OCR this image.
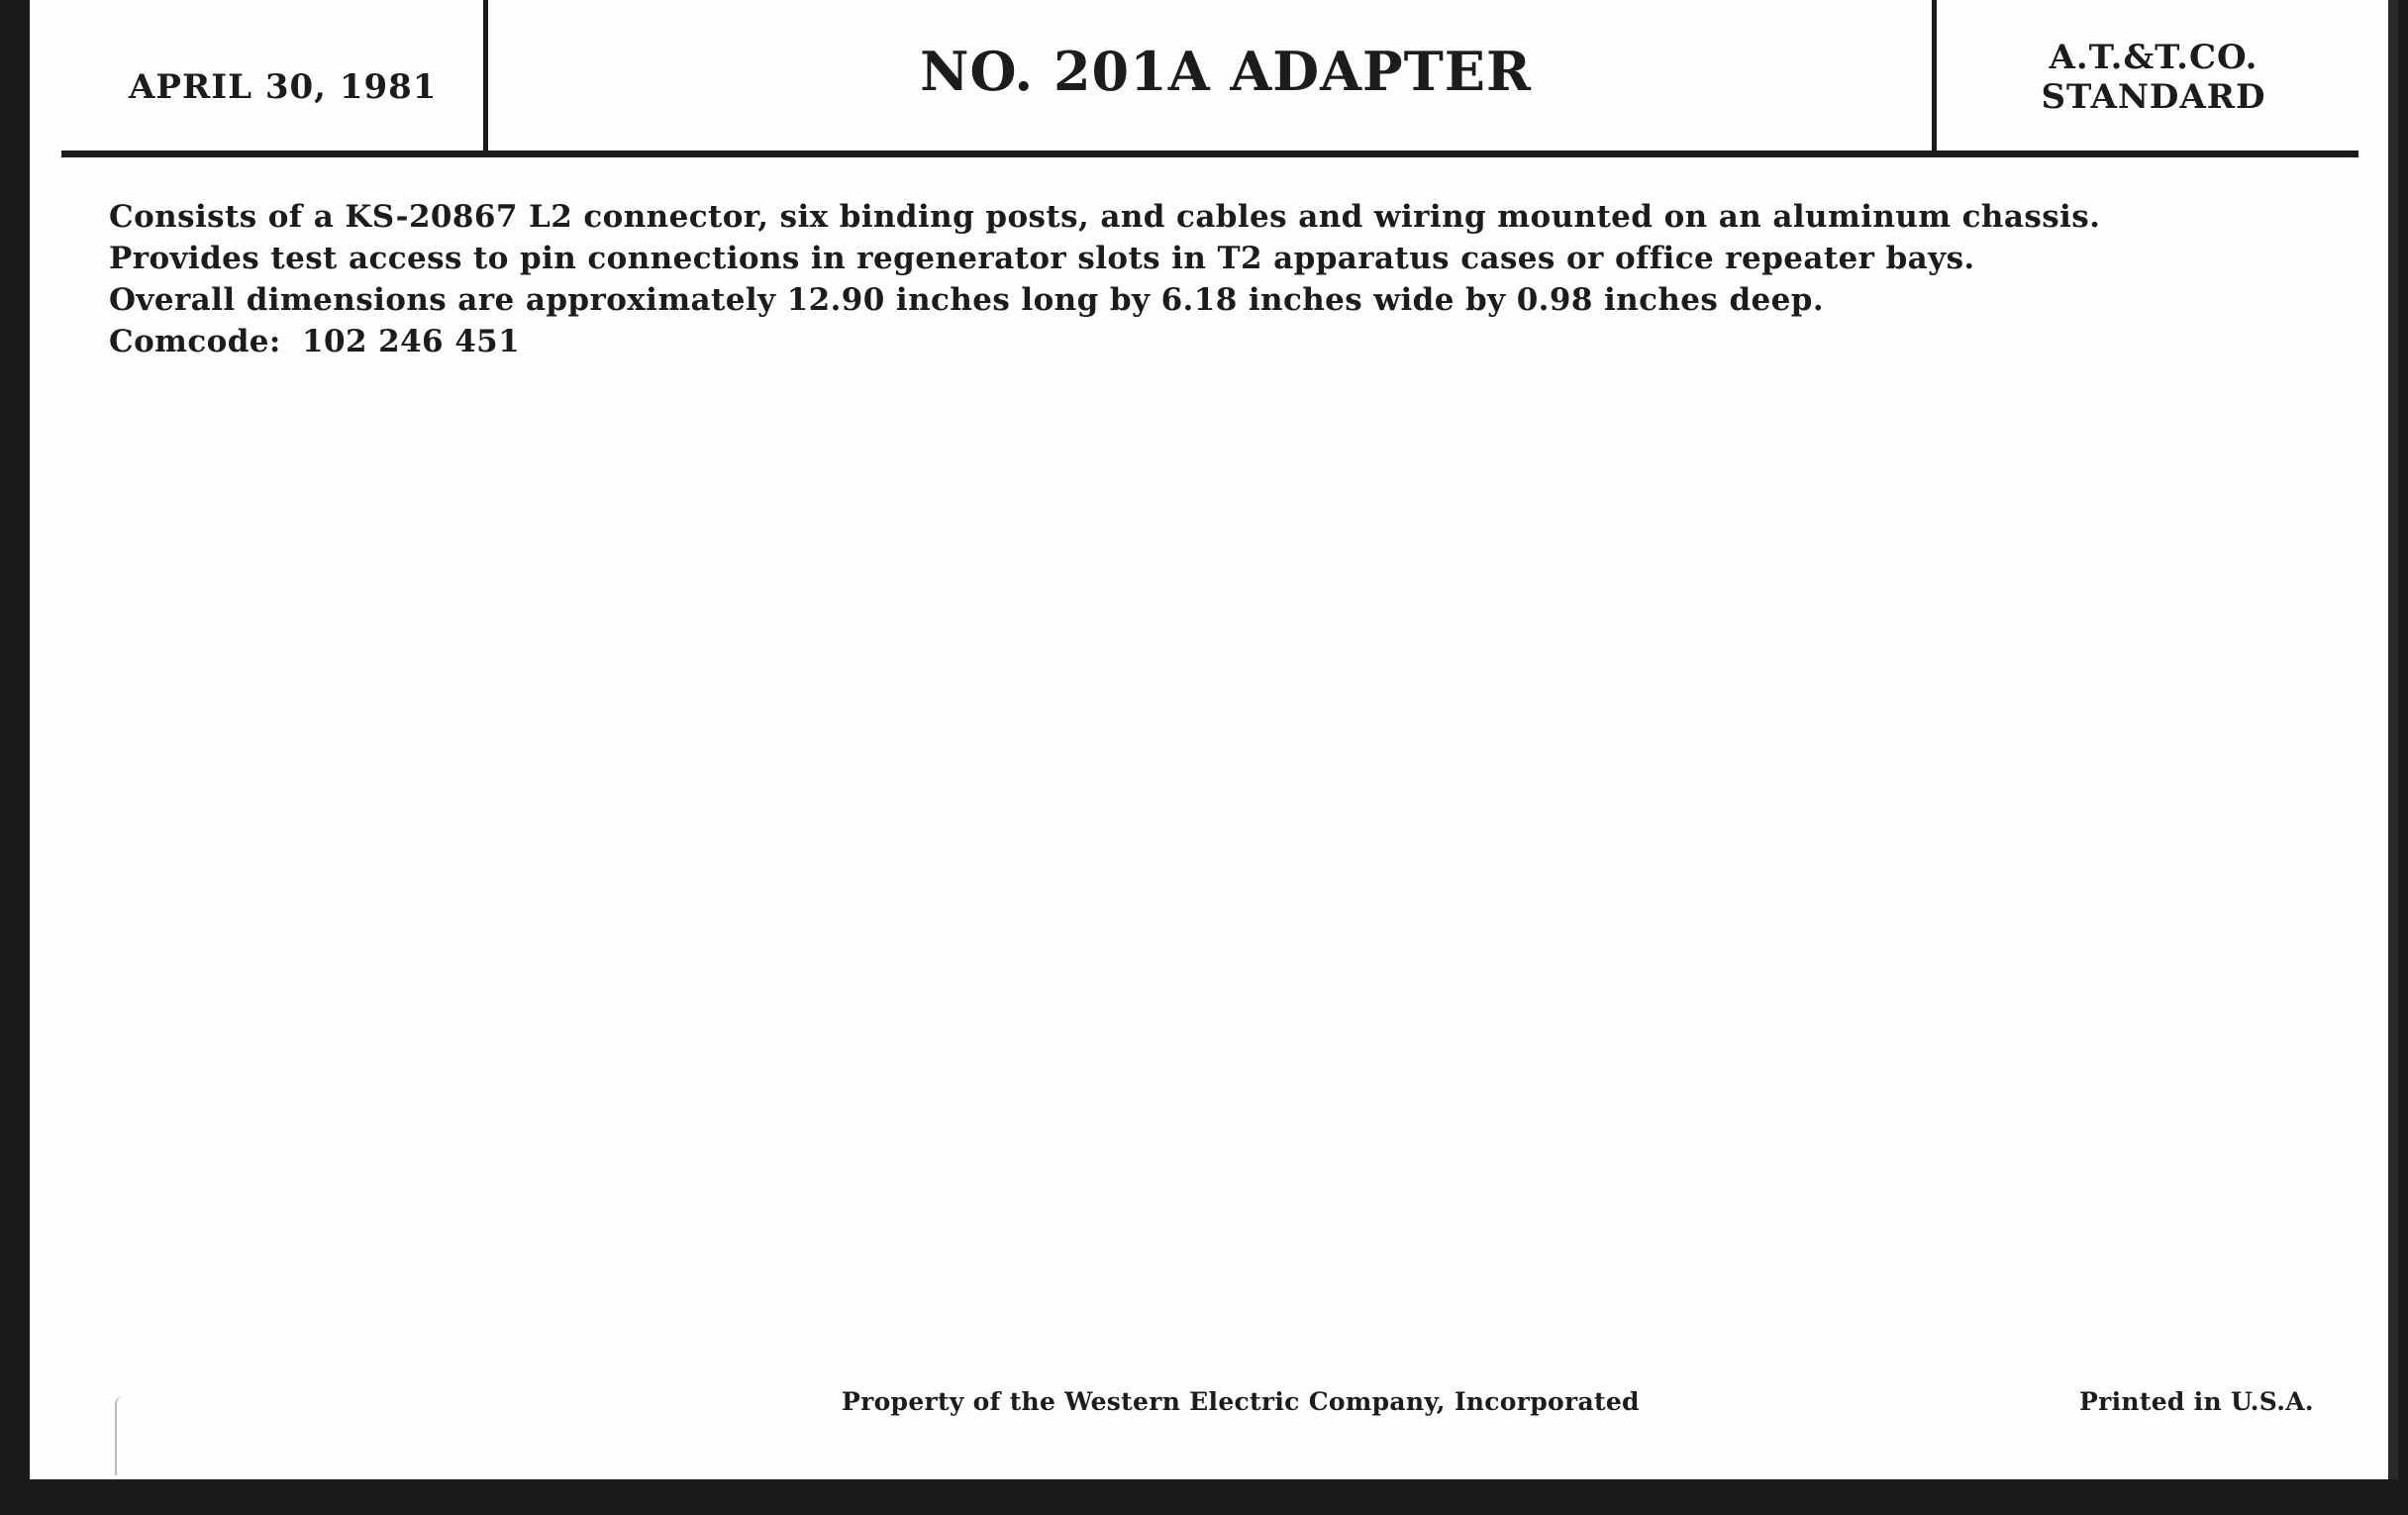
APRIL 30, 1981	NO. 201A ADAPTER	A.T.&T.CO.
STANDARD
Consists of a KS-20867 L2 connector, six binding posts, and cables and wiring mounted on an aluminum chassis.
Provides test access to pin connections in regenerator slots in T2 apparatus cases or office repeater bays.
Overall dimensions are approximately 12.90 inches long by 6.18 inches wide by 0.98 inches deep.
Comcode: 102 246 451
Property of the Western Electric Company, Incorporated	Printed in U.S.A.
